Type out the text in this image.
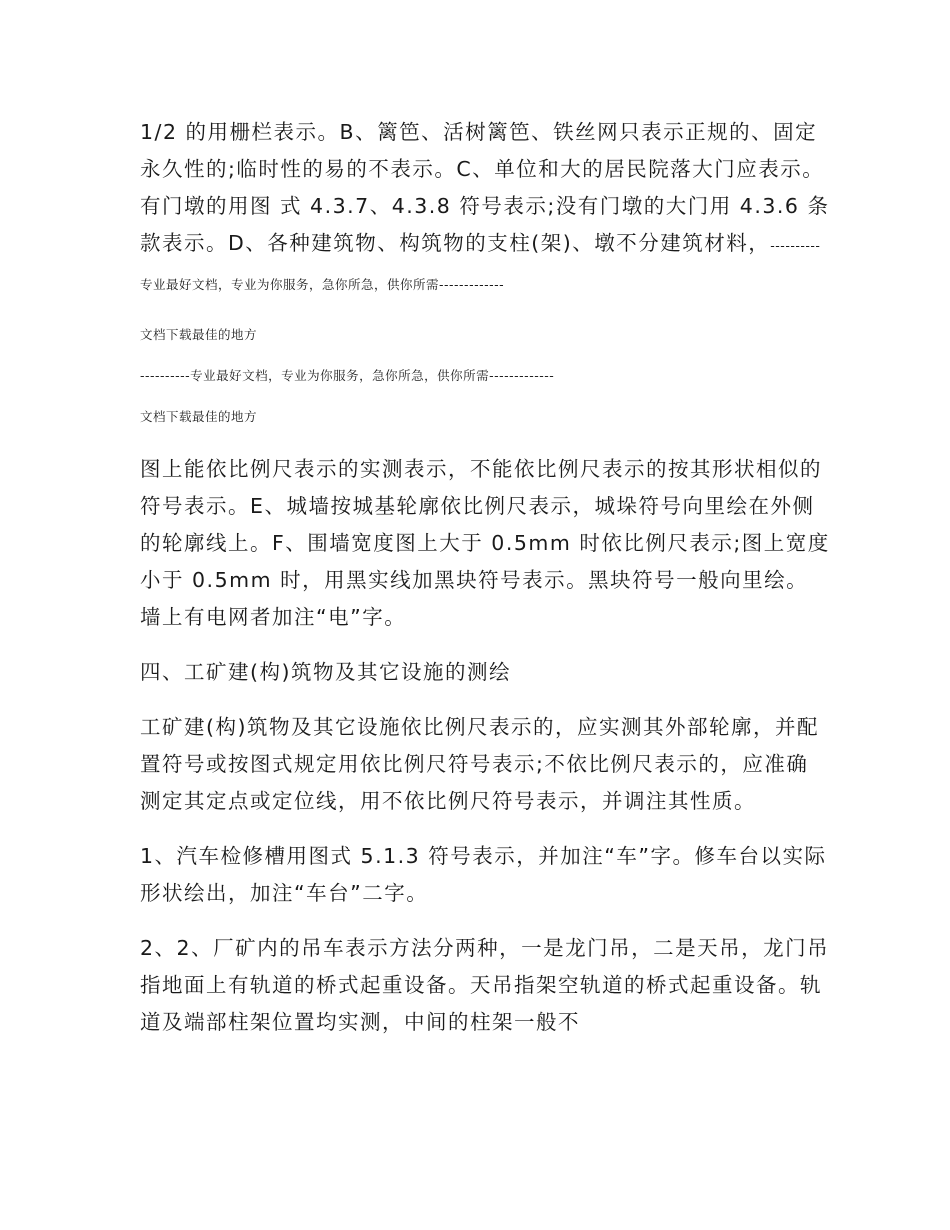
1/2 的用栅栏表示。B、篱笆、活树篱笆、铁丝网只表示正规的、固定永久性的;临时性的易的不表示。C、单位和大的居民院落大门应表示。有门墩的用图 式 4.3.7、4.3.8 符号表示;没有门墩的大门用 4.3.6 条款表示。D、各种建筑物、构筑物的支柱(架)、墩不分建筑材料，----------专业最好文档，专业为你服务，急你所急，供你所需-------------

文档下载最佳的地方

----------专业最好文档，专业为你服务，急你所急，供你所需-------------

文档下载最佳的地方

图上能依比例尺表示的实测表示，不能依比例尺表示的按其形状相似的符号表示。E、城墙按城基轮廓依比例尺表示，城垛符号向里绘在外侧的轮廓线上。F、围墙宽度图上大于 0.5mm 时依比例尺表示;图上宽度小于 0.5mm 时，用黑实线加黑块符号表示。黑块符号一般向里绘。墙上有电网者加注“电”字。

四、工矿建(构)筑物及其它设施的测绘

工矿建(构)筑物及其它设施依比例尺表示的，应实测其外部轮廓，并配置符号或按图式规定用依比例尺符号表示;不依比例尺表示的，应准确测定其定点或定位线，用不依比例尺符号表示，并调注其性质。

1、汽车检修槽用图式 5.1.3 符号表示，并加注“车”字。修车台以实际形状绘出，加注“车台”二字。

2、2、厂矿内的吊车表示方法分两种，一是龙门吊，二是天吊，龙门吊指地面上有轨道的桥式起重设备。天吊指架空轨道的桥式起重设备。轨道及端部柱架位置均实测，中间的柱架一般不
